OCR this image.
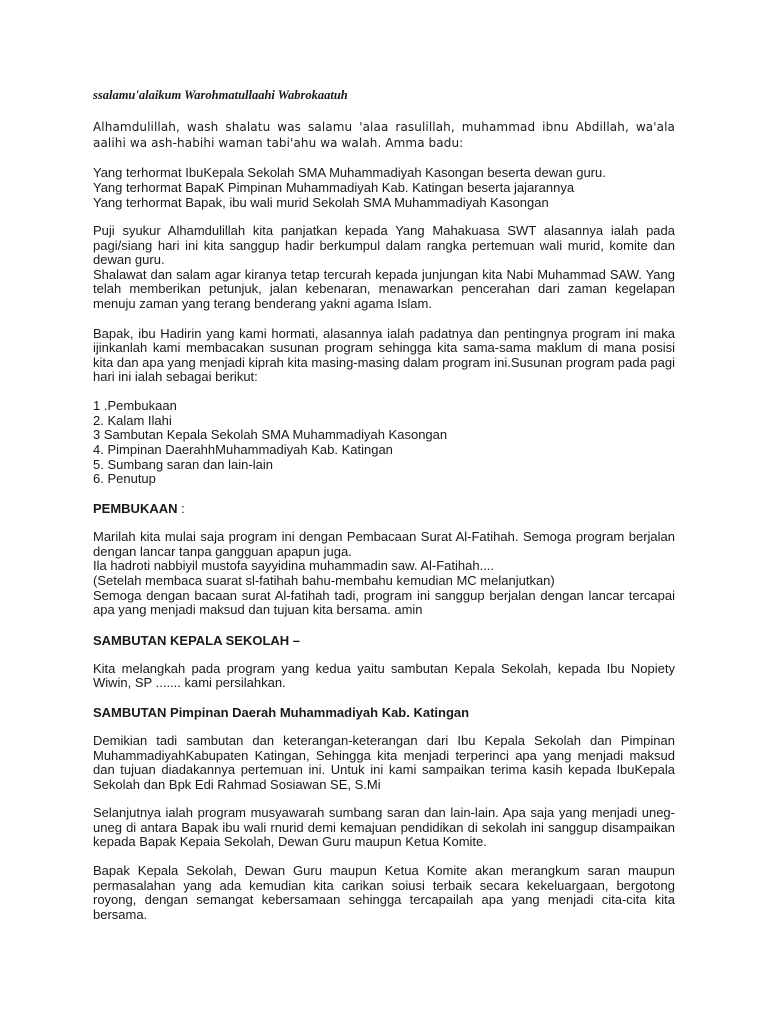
ssalamu'alaikum Warohmatullaahi Wabrokaatuh

Alhamdulillah, wash shalatu was salamu 'alaa rasulillah, muhammad ibnu Abdillah, wa'ala aalihi wa ash-habihi waman tabi'ahu wa walah. Amma badu:

Yang terhormat IbuKepala Sekolah SMA Muhammadiyah Kasongan beserta dewan guru.
Yang terhormat BapaK Pimpinan Muhammadiyah Kab. Katingan beserta jajarannya
Yang terhormat Bapak, ibu wali murid Sekolah SMA Muhammadiyah Kasongan

Puji syukur Alhamdulillah kita panjatkan kepada Yang Mahakuasa SWT alasannya ialah pada pagi/siang hari ini kita sanggup hadir berkumpul dalam rangka pertemuan wali murid, komite dan dewan guru.

Shalawat dan salam agar kiranya tetap tercurah kepada junjungan kita Nabi Muhammad SAW. Yang telah memberikan petunjuk, jalan kebenaran, menawarkan pencerahan dari zaman kegelapan menuju zaman yang terang benderang yakni agama Islam.

Bapak, ibu Hadirin yang kami hormati, alasannya ialah padatnya dan pentingnya program ini maka ijinkanlah kami membacakan susunan program sehingga kita sama-sama maklum di mana posisi kita dan apa yang menjadi kiprah kita masing-masing dalam program ini.Susunan program pada pagi hari ini ialah sebagai berikut:

1 .Pembukaan
2. Kalam Ilahi
3 Sambutan Kepala Sekolah SMA Muhammadiyah Kasongan
4. Pimpinan DaerahhMuhammadiyah Kab. Katingan
5. Sumbang saran dan lain-lain
6. Penutup
PEMBUKAAN :

Marilah kita mulai saja program ini dengan Pembacaan Surat Al-Fatihah. Semoga program berjalan dengan lancar tanpa gangguan apapun juga.

Ila hadroti nabbiyil mustofa sayyidina muhammadin saw. Al-Fatihah....

(Setelah membaca suarat sl-fatihah bahu-membahu kemudian MC melanjutkan)

Semoga dengan bacaan surat Al-fatihah tadi, program ini sanggup berjalan dengan lancar tercapai apa yang menjadi maksud dan tujuan kita bersama. amin

SAMBUTAN KEPALA SEKOLAH –

Kita melangkah pada program yang kedua yaitu sambutan Kepala Sekolah, kepada Ibu Nopiety Wiwin, SP ....... kami persilahkan.

SAMBUTAN Pimpinan Daerah Muhammadiyah Kab. Katingan

Demikian tadi sambutan dan keterangan-keterangan dari Ibu Kepala Sekolah dan Pimpinan MuhammadiyahKabupaten Katingan, Sehingga kita menjadi terperinci apa yang menjadi maksud dan tujuan diadakannya pertemuan ini. Untuk ini kami sampaikan terima kasih kepada IbuKepala Sekolah dan Bpk Edi Rahmad Sosiawan SE, S.Mi

Selanjutnya ialah program musyawarah sumbang saran dan lain-lain. Apa saja yang menjadi uneg-uneg di antara Bapak ibu wali rnurid demi kemajuan pendidikan di sekolah ini sanggup disampaikan kepada Bapak Kepaia Sekolah, Dewan Guru maupun Ketua Komite.

Bapak Kepala Sekolah, Dewan Guru maupun Ketua Komite akan merangkum saran maupun permasalahan yang ada kemudian kita carikan soiusi terbaik secara kekeluargaan, bergotong royong, dengan semangat kebersamaan sehingga tercapailah apa yang menjadi cita-cita kita bersama.
